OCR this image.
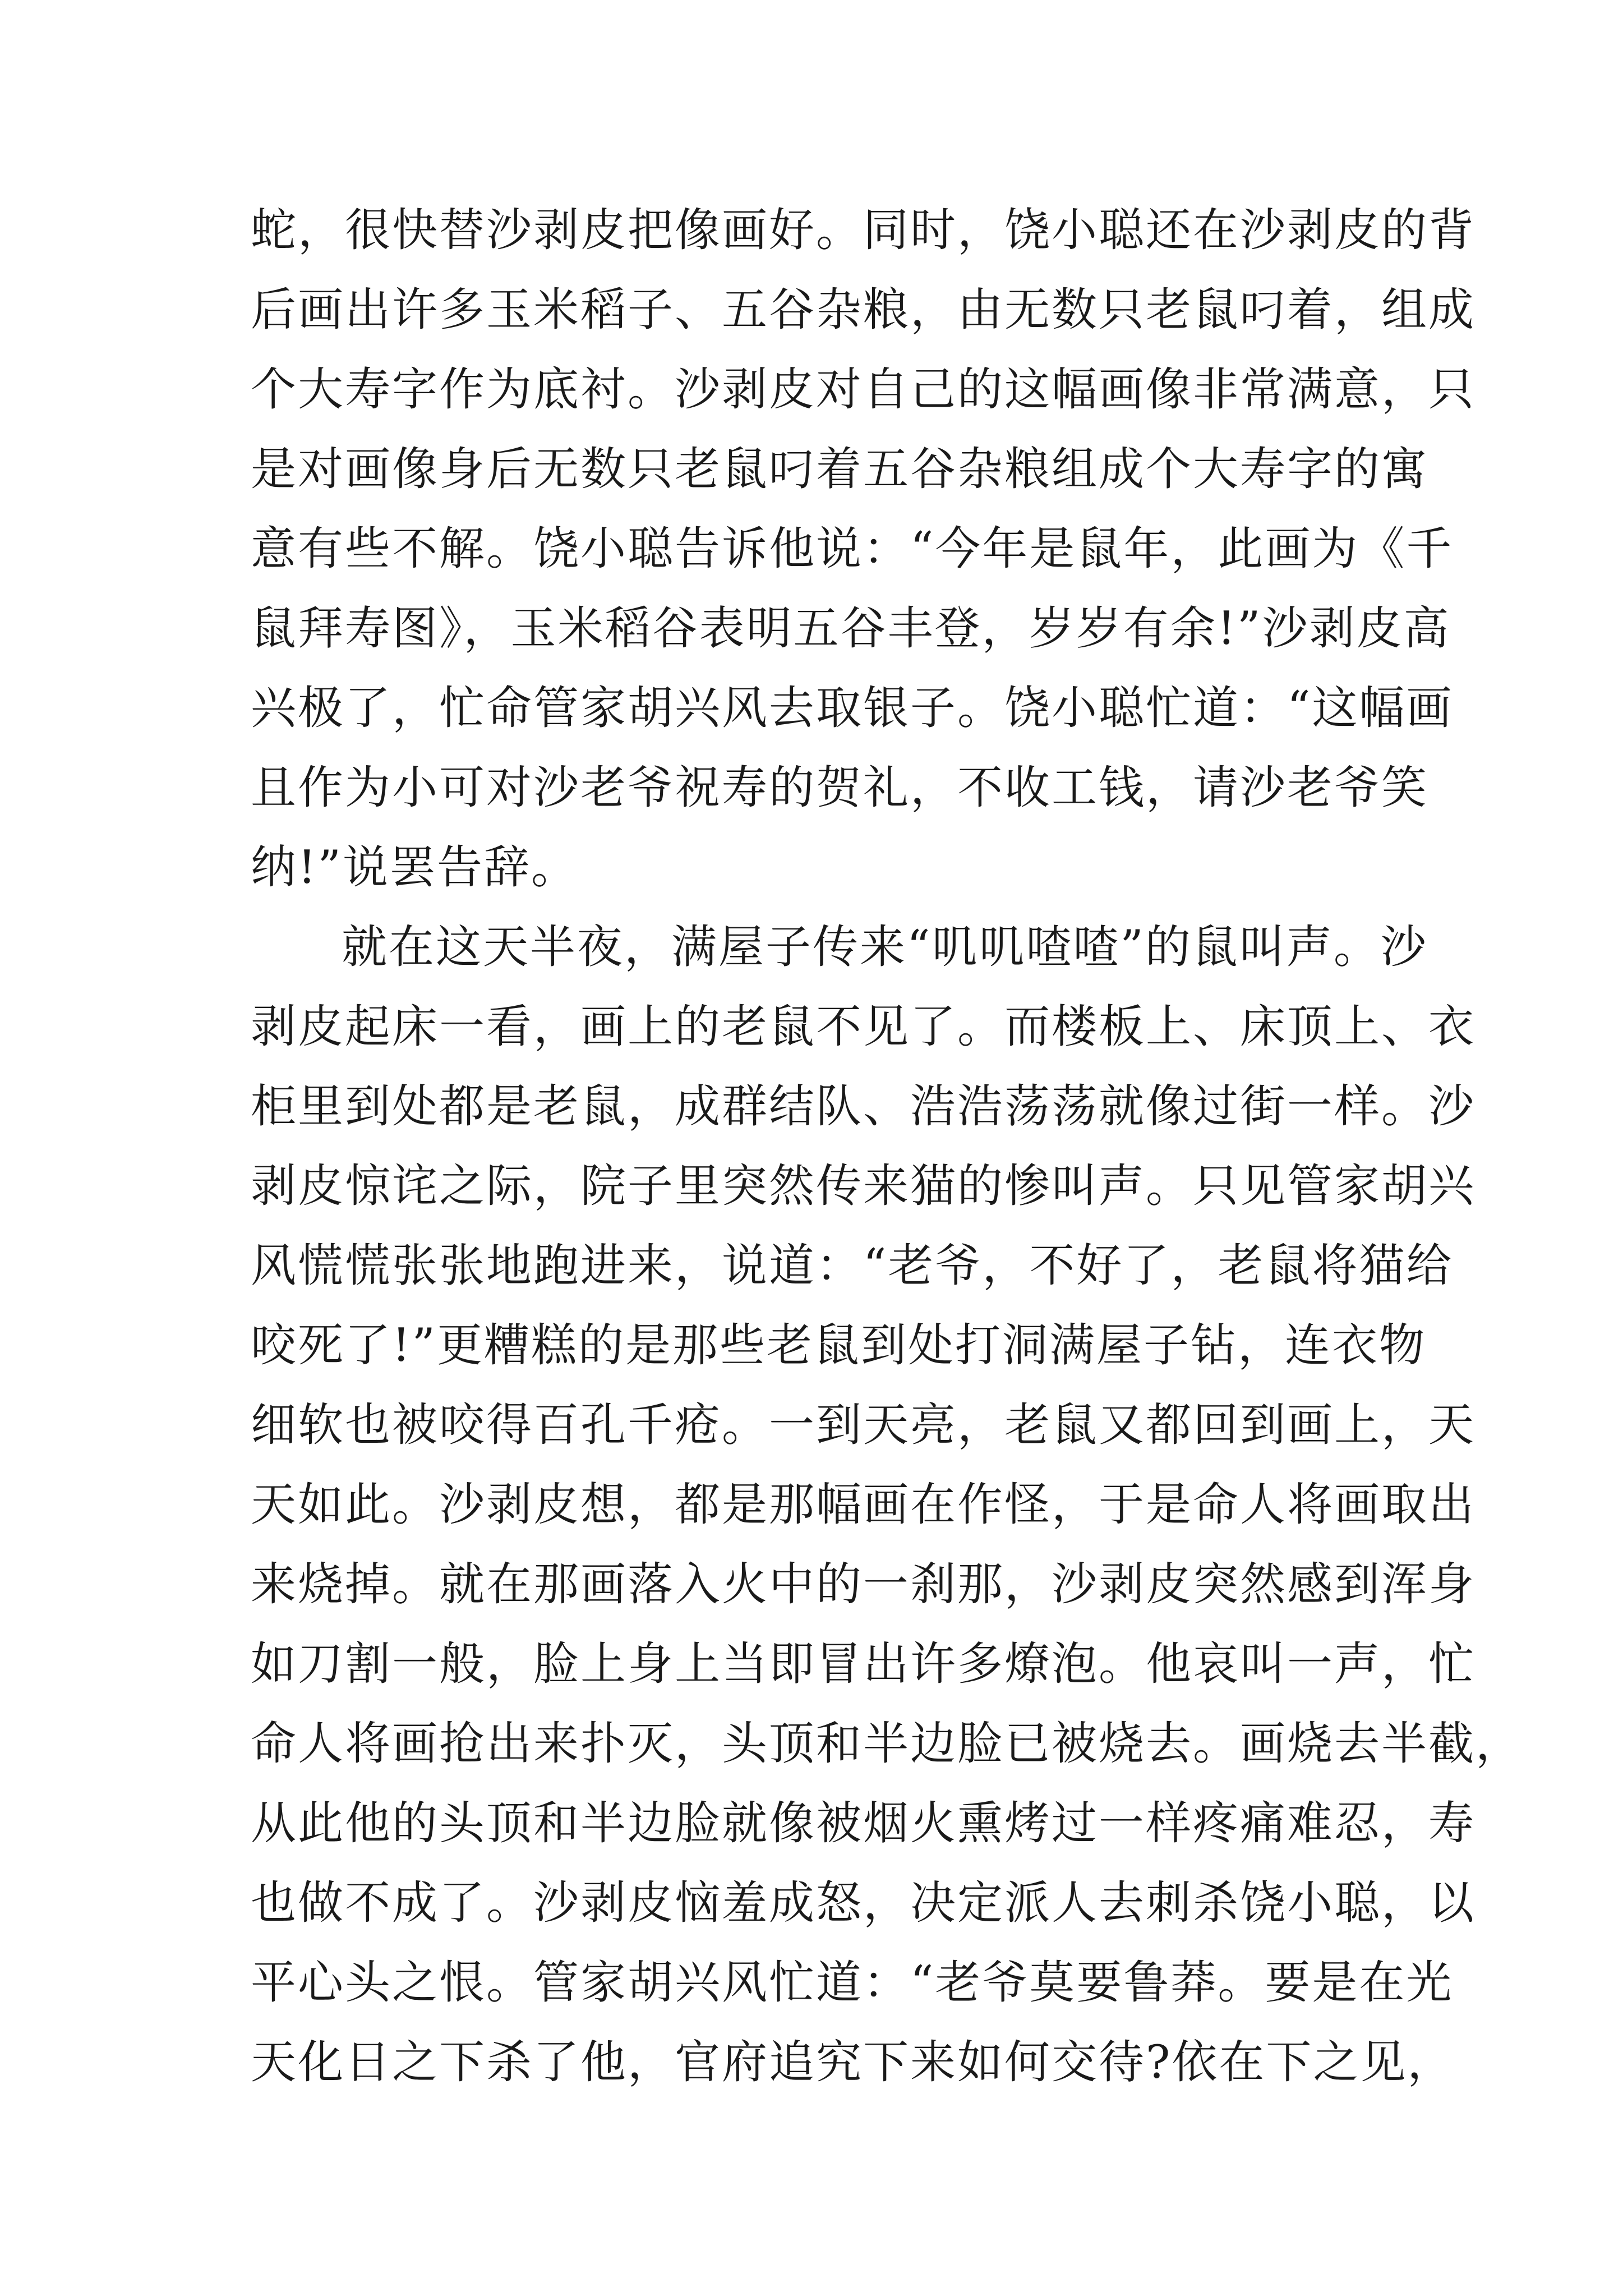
蛇，很快替沙剥皮把像画好。同时，饶小聪还在沙剥皮的背
后画出许多玉米稻子、五谷杂粮，由无数只老鼠叼着，组成
个大寿字作为底衬。沙剥皮对自己的这幅画像非常满意，只
是对画像身后无数只老鼠叼着五谷杂粮组成个大寿字的寓
意有些不解。饶小聪告诉他说：“今年是鼠年，此画为《千
鼠拜寿图》，玉米稻谷表明五谷丰登，岁岁有余!”沙剥皮高
兴极了，忙命管家胡兴风去取银子。饶小聪忙道：“这幅画
且作为小可对沙老爷祝寿的贺礼，不收工钱，请沙老爷笑
纳!”说罢告辞。
就在这天半夜，满屋子传来“叽叽喳喳”的鼠叫声。沙
剥皮起床一看，画上的老鼠不见了。而楼板上、床顶上、衣
柜里到处都是老鼠，成群结队、浩浩荡荡就像过街一样。沙
剥皮惊诧之际，院子里突然传来猫的惨叫声。只见管家胡兴
风慌慌张张地跑进来，说道：“老爷，不好了，老鼠将猫给
咬死了!”更糟糕的是那些老鼠到处打洞满屋子钻，连衣物
细软也被咬得百孔千疮。一到天亮，老鼠又都回到画上，天
天如此。沙剥皮想，都是那幅画在作怪，于是命人将画取出
来烧掉。就在那画落入火中的一刹那，沙剥皮突然感到浑身
如刀割一般，脸上身上当即冒出许多燎泡。他哀叫一声，忙
命人将画抢出来扑灭，头顶和半边脸已被烧去。画烧去半截，
从此他的头顶和半边脸就像被烟火熏烤过一样疼痛难忍，寿
也做不成了。沙剥皮恼羞成怒，决定派人去刺杀饶小聪，以
平心头之恨。管家胡兴风忙道：“老爷莫要鲁莽。要是在光
天化日之下杀了他，官府追究下来如何交待?依在下之见，
